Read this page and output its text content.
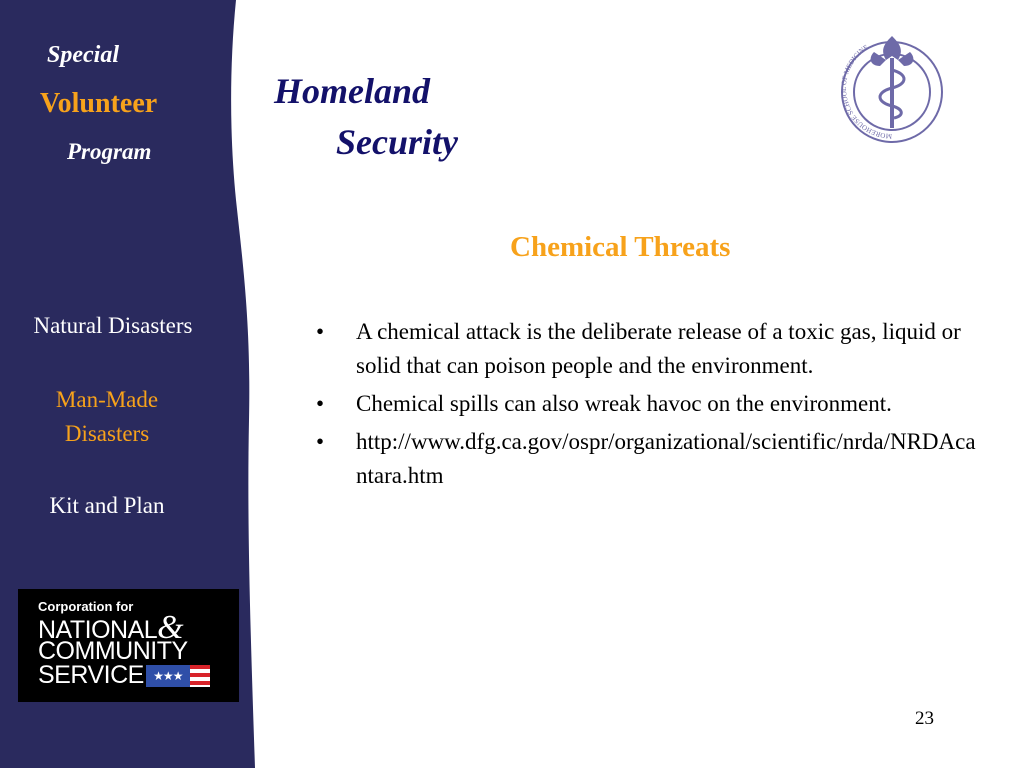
Special
Volunteer
Program
Natural Disasters
Man-Made Disasters
Kit and Plan
Corporation for
NATIONAL&
COMMUNITY
SERVICE ★★★
Homeland
Security	MOREHOUSE SCHOOL OF MEDICINE
Chemical Threats
• A chemical attack is the deliberate release of a toxic gas, liquid or solid that can poison people and the environment.
• Chemical spills can also wreak havoc on the environment.
• http://www.dfg.ca.gov/ospr/organizational/scientific/nrda/NRDAcantara.htm
23
